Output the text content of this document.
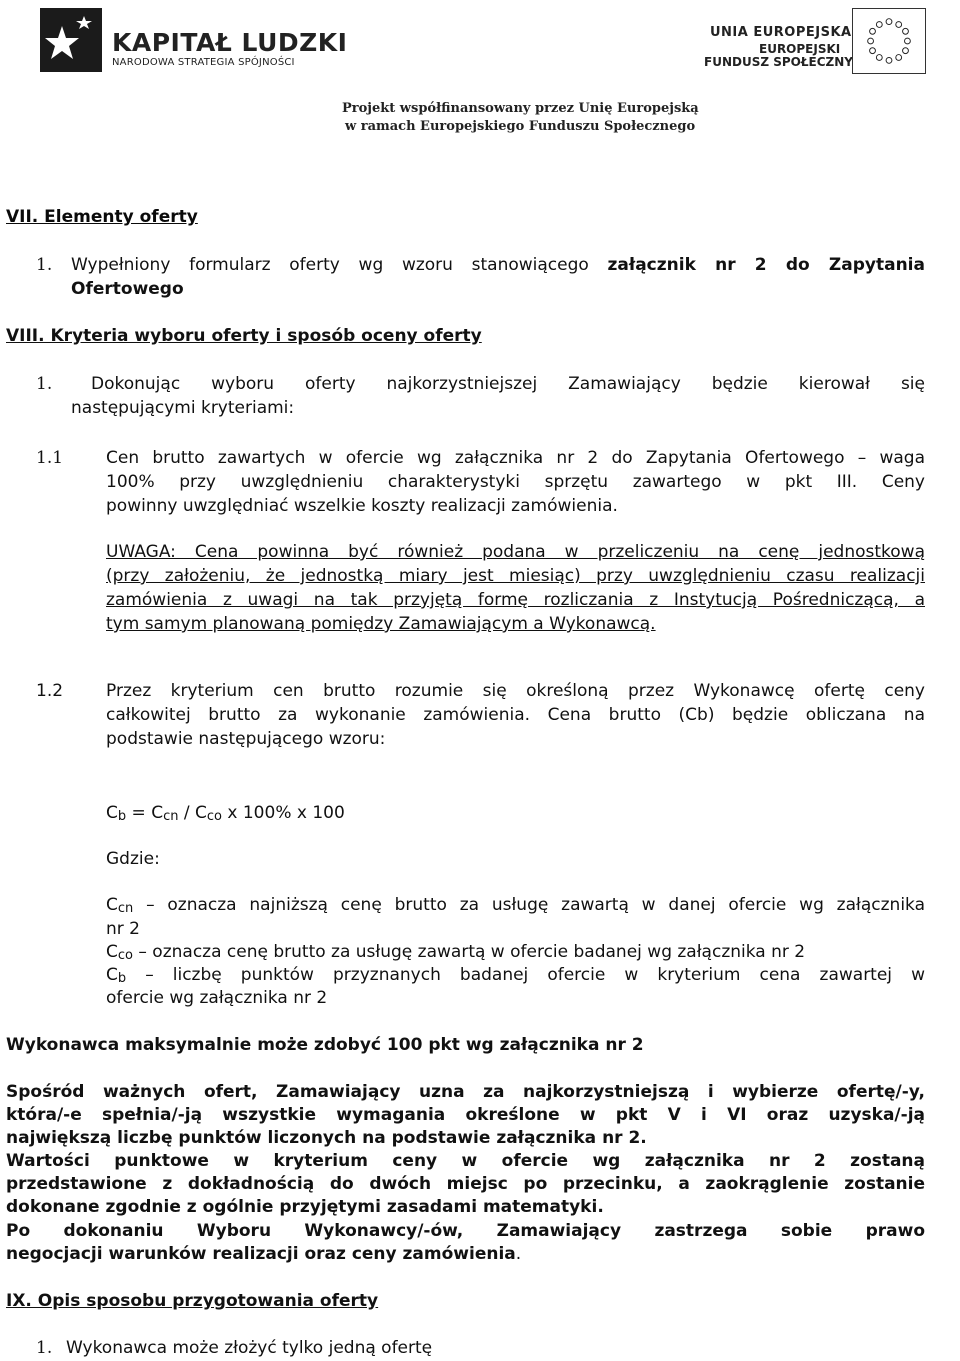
KAPITAŁ LUDZKI
NARODOWA STRATEGIA SPÓJNOŚCI
UNIA EUROPEJSKA
EUROPEJSKI
FUNDUSZ SPOŁECZNY
Projekt współfinansowany przez Unię Europejską
w ramach Europejskiego Funduszu Społecznego
VII. Elementy oferty
1. Wypełniony formularz oferty wg wzoru stanowiącego załącznik nr 2 do Zapytania
Ofertowego
VIII. Kryteria wyboru oferty i sposób oceny oferty
1. Dokonując wyboru oferty najkorzystniejszej Zamawiający będzie kierował się
następującymi kryteriami:
1.1	Cen brutto zawartych w ofercie wg załącznika nr 2 do Zapytania Ofertowego – waga
100% przy uwzględnieniu charakterystyki sprzętu zawartego w pkt III. Ceny
powinny uwzględniać wszelkie koszty realizacji zamówienia.
UWAGA: Cena powinna być również podana w przeliczeniu na cenę jednostkową
(przy założeniu, że jednostką miary jest miesiąc) przy uwzględnieniu czasu realizacji
zamówienia z uwagi na tak przyjętą formę rozliczania z Instytucją Pośredniczącą, a
tym samym planowaną pomiędzy Zamawiającym a Wykonawcą.
1.2	Przez kryterium cen brutto rozumie się określoną przez Wykonawcę ofertę ceny
całkowitej brutto za wykonanie zamówienia. Cena brutto (Cb) będzie obliczana na
podstawie następującego wzoru:
$C_b = C_{cn} / C_{co}$ x 100% x 100
Gdzie:
$C_{cn}$ – oznacza najniższą cenę brutto za usługę zawartą w danej ofercie wg załącznika
nr 2
$C_{co}$ – oznacza cenę brutto za usługę zawartą w ofercie badanej wg załącznika nr 2
$C_b$ – liczbę punktów przyznanych badanej ofercie w kryterium cena zawartej w
ofercie wg załącznika nr 2
Wykonawca maksymalnie może zdobyć 100 pkt wg załącznika nr 2
Spośród ważnych ofert, Zamawiający uzna za najkorzystniejszą i wybierze ofertę/-y,
która/-e spełnia/-ją wszystkie wymagania określone w pkt V i VI oraz uzyska/-ją
największą liczbę punktów liczonych na podstawie załącznika nr 2.
Wartości punktowe w kryterium ceny w ofercie wg załącznika nr 2 zostaną
przedstawione z dokładnością do dwóch miejsc po przecinku, a zaokrąglenie zostanie
dokonane zgodnie z ogólnie przyjętymi zasadami matematyki.
Po dokonaniu Wyboru Wykonawcy/-ów, Zamawiający zastrzega sobie prawo
negocjacji warunków realizacji oraz ceny zamówienia.
IX. Opis sposobu przygotowania oferty
1. Wykonawca może złożyć tylko jedną ofertę
